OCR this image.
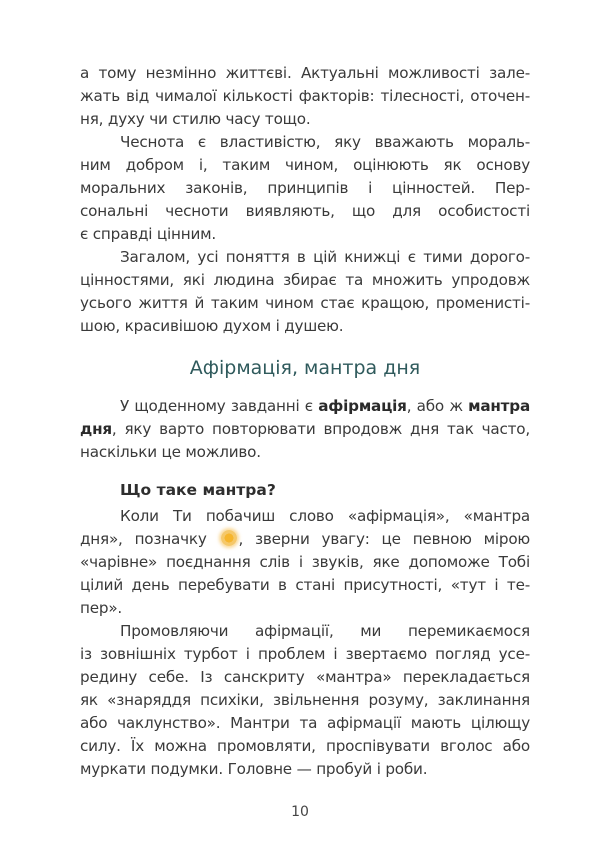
а тому незмінно життєві. Актуальні можливості зале-
жать від чималої кількості факторів: тілесності, оточен-
ня, духу чи стилю часу тощо.
Чеснота є властивістю, яку вважають мораль-
ним добром і, таким чином, оцінюють як основу
моральних законів, принципів і цінностей. Пер-
сональні чесноти виявляють, що для особистості
є справді цінним.
Загалом, усі поняття в цій книжці є тими дорого-
цінностями, які людина збирає та множить упродовж
усього життя й таким чином стає кращою, променисті-
шою, красивішою духом і душею.
Афірмація, мантра дня
У щоденному завданні є афірмація, або ж мантра
дня, яку варто повторювати впродовж дня так часто,
наскільки це можливо.
Що таке мантра?
Коли Ти побачиш слово «афірмація», «мантра
дня», позначку , зверни увагу: це певною мірою
«чарівне» поєднання слів і звуків, яке допоможе Тобі
цілий день перебувати в стані присутності, «тут і те-
пер».
Промовляючи афірмації, ми перемикаємося
із зовнішніх турбот і проблем і звертаємо погляд усе-
редину себе. Із санскриту «мантра» перекладається
як «знаряддя психіки, звільнення розуму, заклинання
або чаклунство». Мантри та афірмації мають цілющу
силу. Їх можна промовляти, проспівувати вголос або
муркати подумки. Головне — пробуй і роби.
10
